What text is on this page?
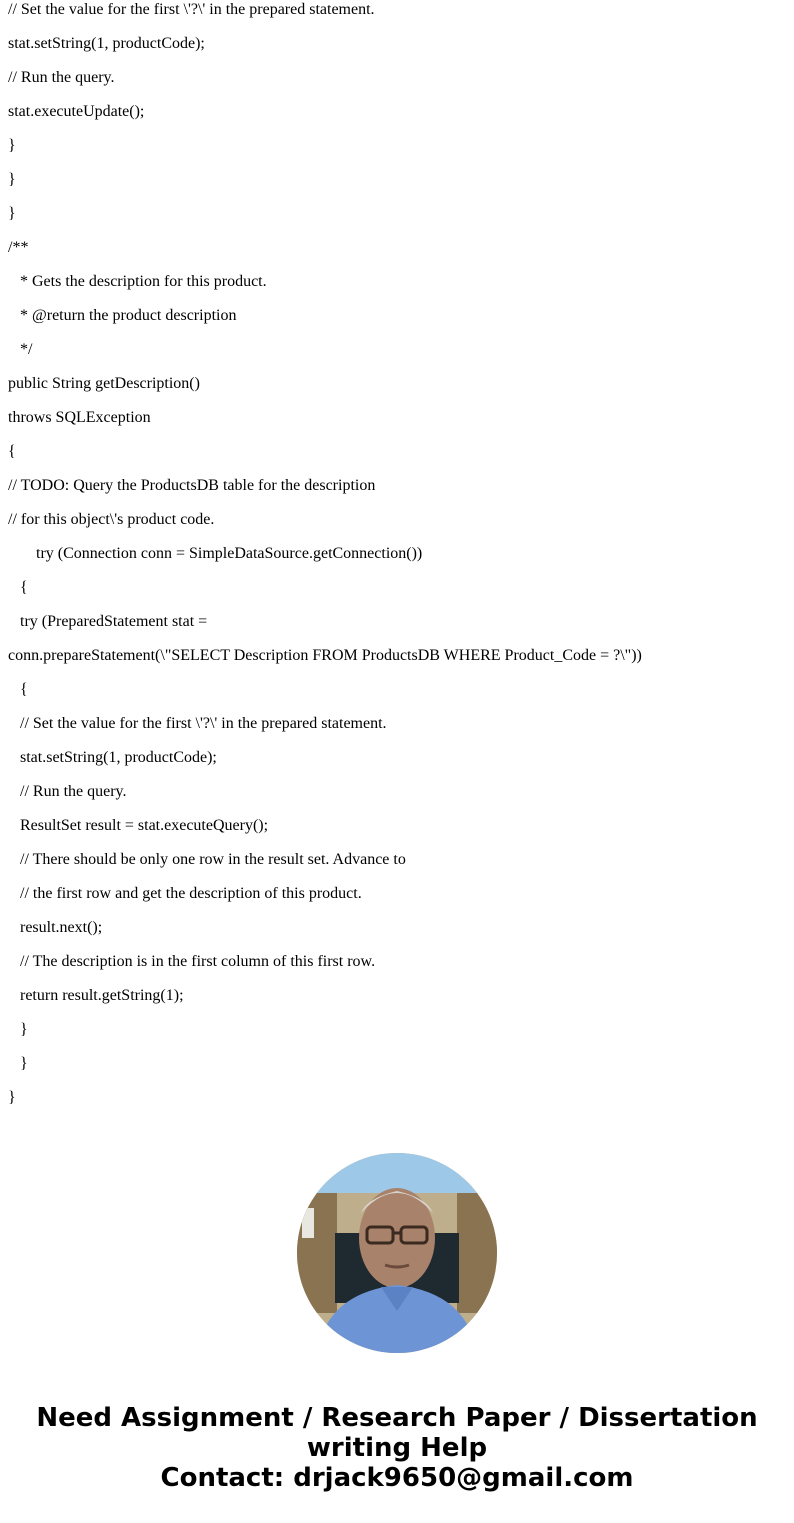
// Set the value for the first \'?\' in the prepared statement.
stat.setString(1, productCode);
// Run the query.
stat.executeUpdate();
}
}
}
/**
* Gets the description for this product.
* @return the product description
*/
public String getDescription()
throws SQLException
{
// TODO: Query the ProductsDB table for the description
// for this object\'s product code.
try (Connection conn = SimpleDataSource.getConnection())
{
try (PreparedStatement stat =
conn.prepareStatement(\"SELECT Description FROM ProductsDB WHERE Product_Code = ?\"))
{
// Set the value for the first \'?\' in the prepared statement.
stat.setString(1, productCode);
// Run the query.
ResultSet result = stat.executeQuery();
// There should be only one row in the result set. Advance to
// the first row and get the description of this product.
result.next();
// The description is in the first column of this first row.
return result.getString(1);
}
}
}
Need Assignment / Research Paper / Dissertation
writing Help
Contact: drjack9650@gmail.com
